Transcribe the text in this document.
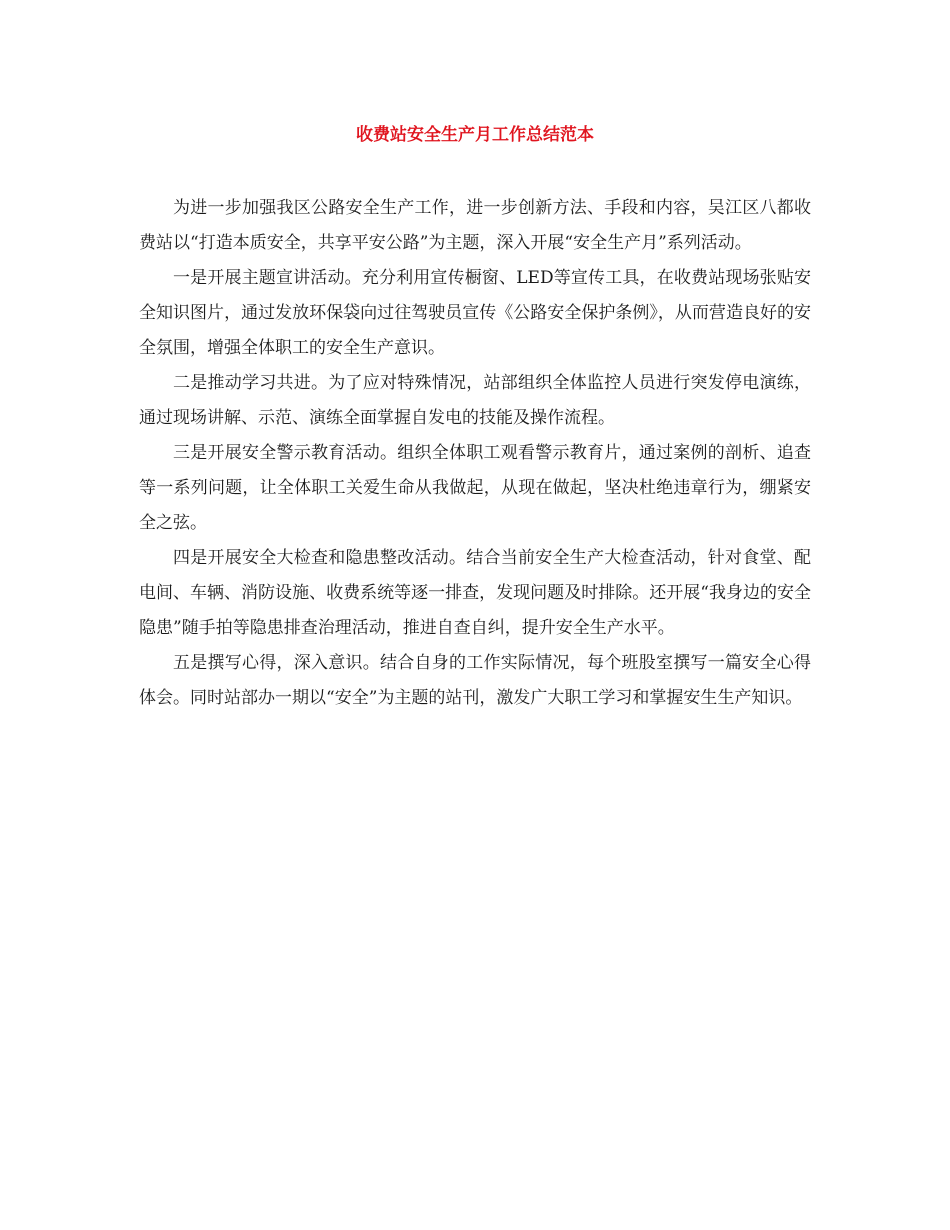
收费站安全生产月工作总结范本

为进一步加强我区公路安全生产工作，进一步创新方法、手段和内容，吴江区八都收费站以“打造本质安全，共享平安公路”为主题，深入开展“安全生产月”系列活动。

一是开展主题宣讲活动。充分利用宣传橱窗、LED等宣传工具，在收费站现场张贴安全知识图片，通过发放环保袋向过往驾驶员宣传《公路安全保护条例》，从而营造良好的安全氛围，增强全体职工的安全生产意识。

二是推动学习共进。为了应对特殊情况，站部组织全体监控人员进行突发停电演练，通过现场讲解、示范、演练全面掌握自发电的技能及操作流程。

三是开展安全警示教育活动。组织全体职工观看警示教育片，通过案例的剖析、追查等一系列问题，让全体职工关爱生命从我做起，从现在做起，坚决杜绝违章行为，绷紧安全之弦。

四是开展安全大检查和隐患整改活动。结合当前安全生产大检查活动，针对食堂、配电间、车辆、消防设施、收费系统等逐一排查，发现问题及时排除。还开展“我身边的安全隐患”随手拍等隐患排查治理活动，推进自查自纠，提升安全生产水平。

五是撰写心得，深入意识。结合自身的工作实际情况，每个班股室撰写一篇安全心得体会。同时站部办一期以“安全”为主题的站刊，激发广大职工学习和掌握安生生产知识。
